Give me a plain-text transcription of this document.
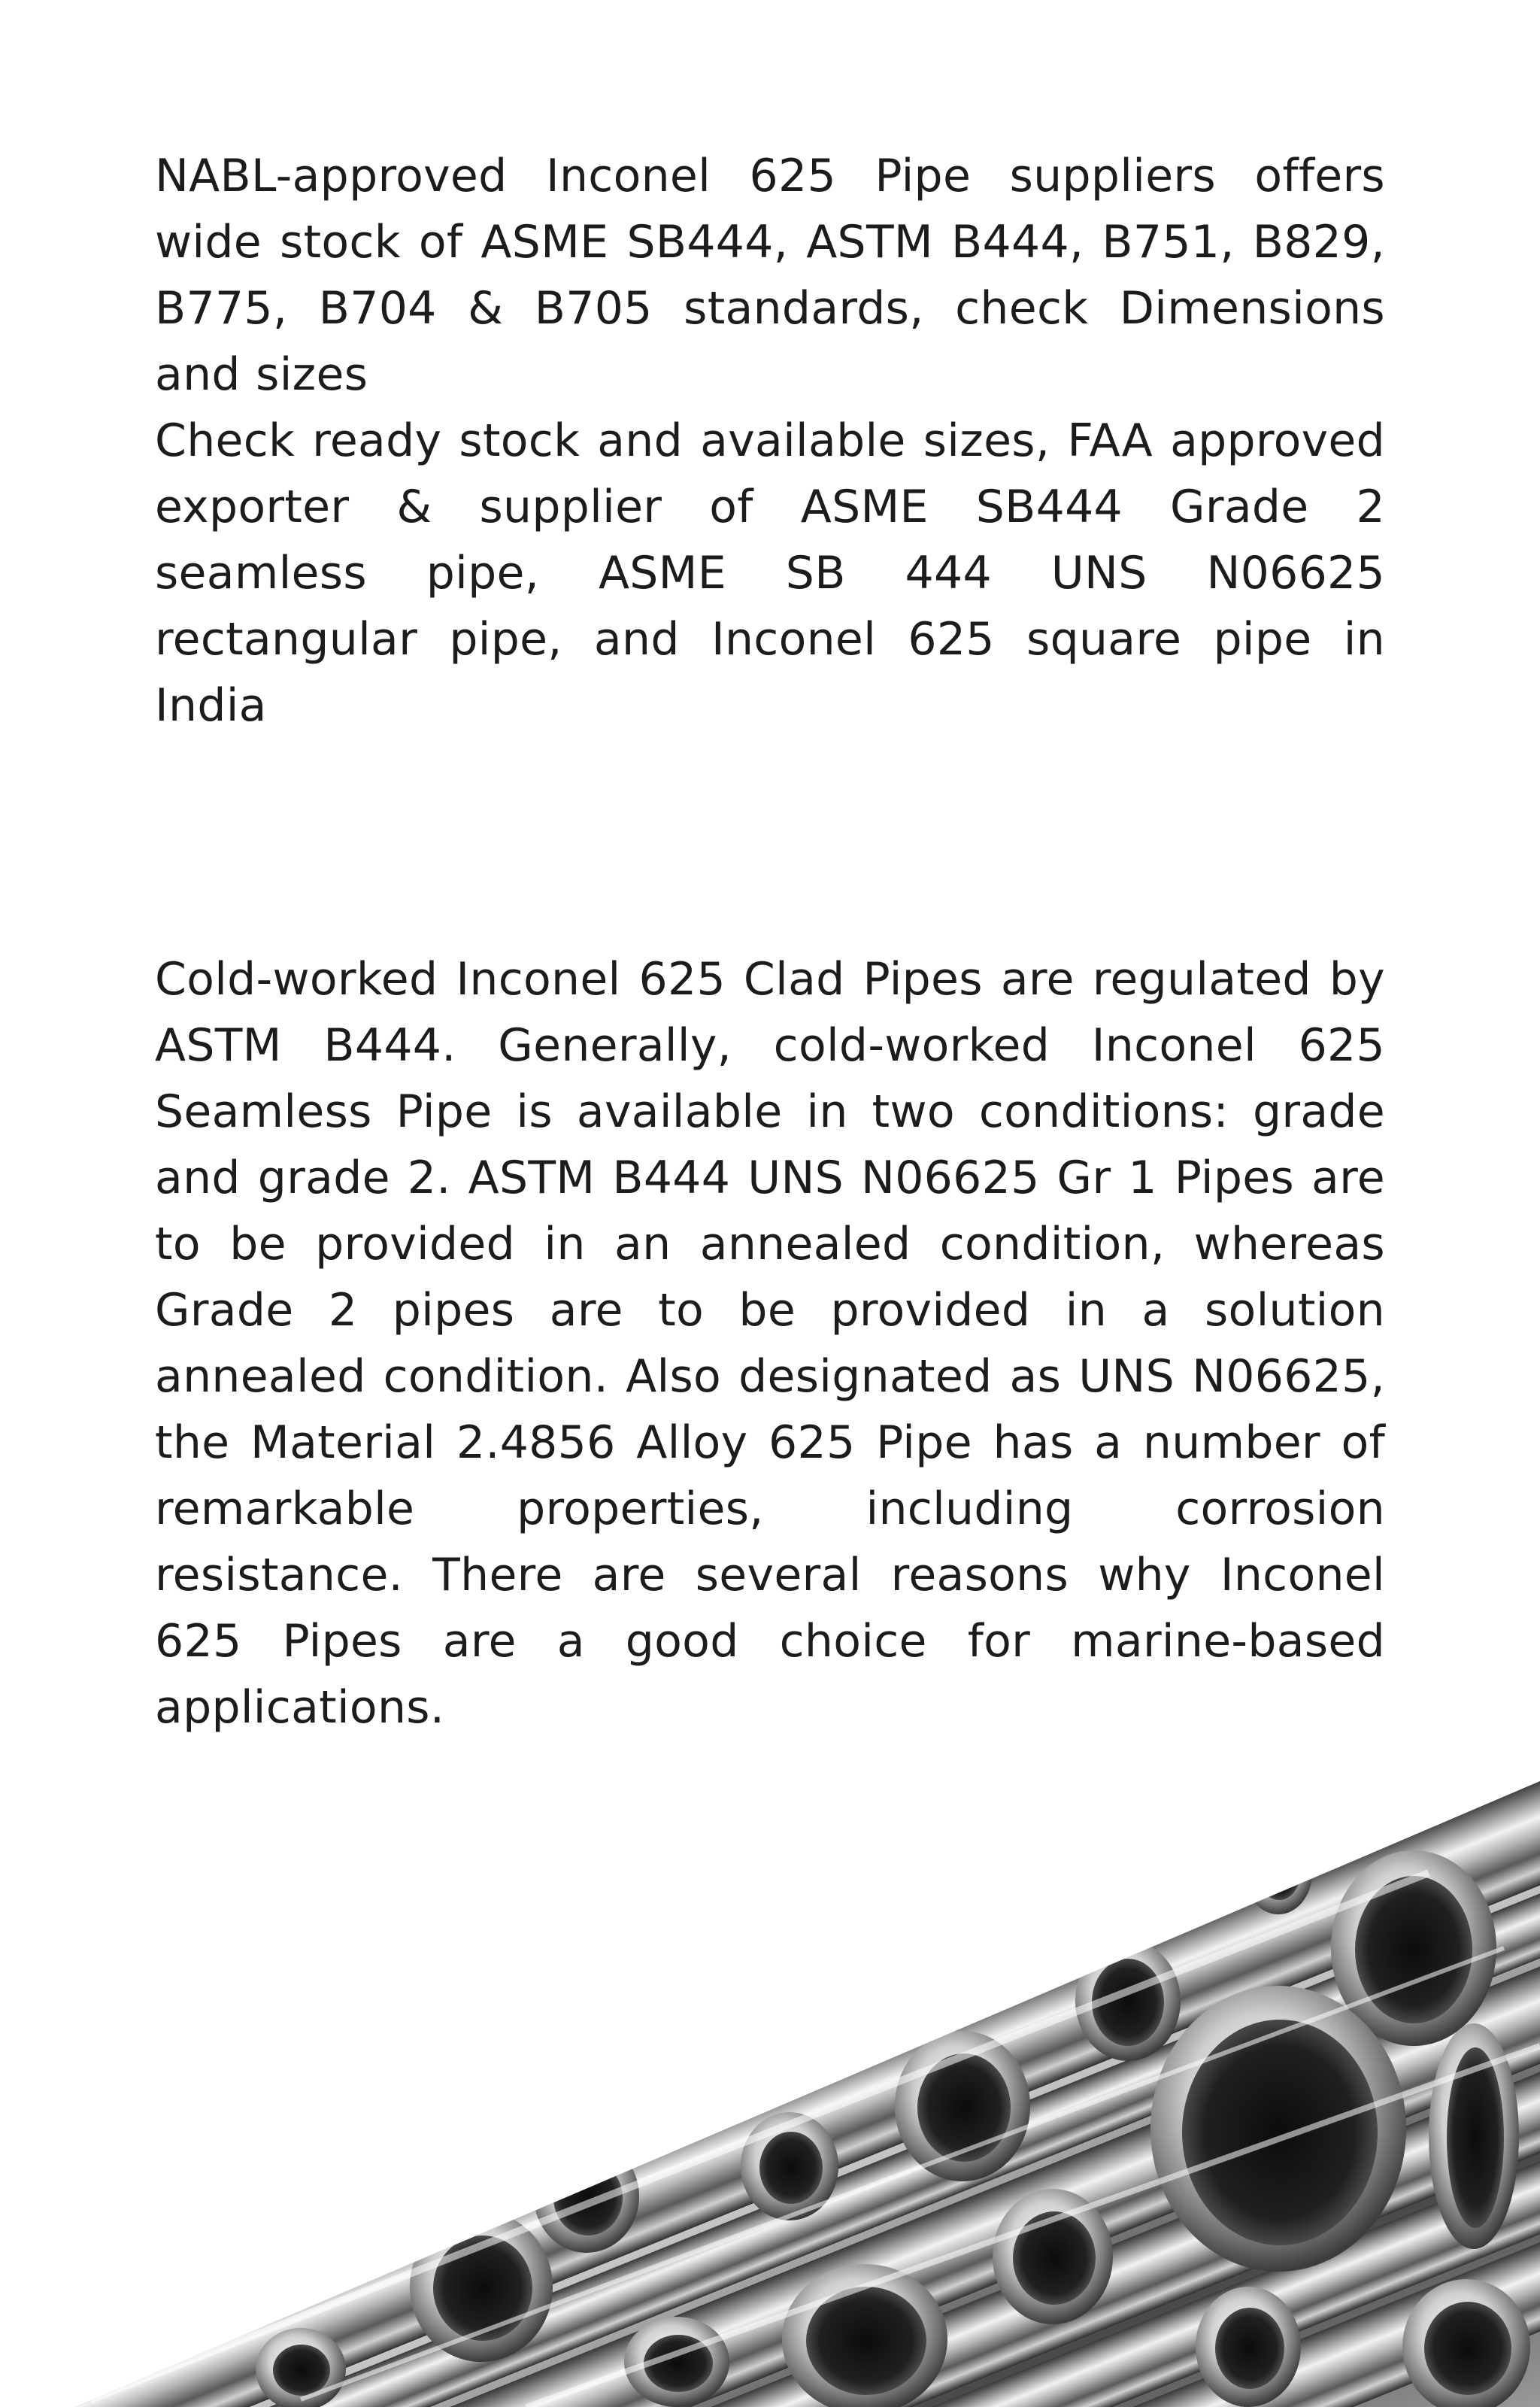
NABL-approved Inconel 625 Pipe suppliers offers wide stock of ASME SB444, ASTM B444, B751, B829, B775, B704 & B705 standards, check Dimensions and sizes

Check ready stock and available sizes, FAA approved exporter & supplier of ASME SB444 Grade 2 seamless pipe, ASME SB 444 UNS N06625 rectangular pipe, and Inconel 625 square pipe in India

Cold-worked Inconel 625 Clad Pipes are regulated by ASTM B444. Generally, cold-worked Inconel 625 Seamless Pipe is available in two conditions: grade and grade 2. ASTM B444 UNS N06625 Gr 1 Pipes are to be provided in an annealed condition, whereas Grade 2 pipes are to be provided in a solution annealed condition. Also designated as UNS N06625, the Material 2.4856 Alloy 625 Pipe has a number of remarkable properties, including corrosion resistance. There are several reasons why Inconel 625 Pipes are a good choice for marine-based applications.
